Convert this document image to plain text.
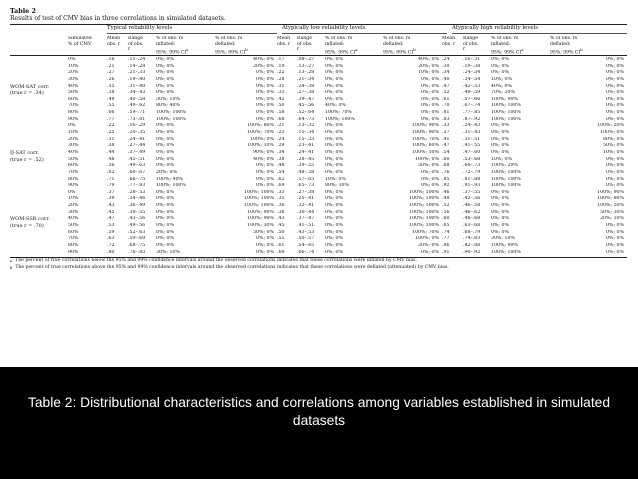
Table 2
Results of test of CMV bias in three correlations in simulated datasets.
Typical reliability levels	Atypically low reliability levels	Atypically high reliability levels
	Simulated
% of CMV	Mean
obs. r	Range
of obs.
r	% of obs. rs
inflated:
95%; 99% $CI^a$	% of obs. rs
deflated:
95%; 99% $CI^b$	Mean
obs. r	Range
of obs.
r	% of obs. rs
inflated:
95%; 99% $CI^a$	% of obs. rs
deflated:
95%; 99% $CI^b$	Mean
obs. r	Range
of obs.
r	% of obs. rs
inflated:
95%; 99% $CI^a$	% of obs. rs
deflated:
95%; 99% $CI^b$
	0%	.16	.11–.24	0%; 0%	40%; 0%	.17	.08–.27	0%; 0%	40%; 0%	.24	.16–.31	0%; 0%	0%; 0%
	10%	.21	.14–.28	0%; 0%	20%; 0%	.19	.13–.27	0%; 0%	20%; 0%	.30	.19–.38	0%; 0%	0%; 0%
	20%	.27	.21–.33	0%; 0%	0%; 0%	.22	.13–.28	0%; 0%	10%; 0%	.34	.24–.34	0%; 0%	0%; 0%
	30%	.26	.19–.40	0%; 0%	0%; 0%	.28	.21–.34	0%; 0%	0%; 0%	.40	.34–.54	10%; 0%	0%; 0%
WOM-SAT corr.	40%	.35	.31–.40	0%; 0%	0%; 0%	.31	.24–.38	0%; 0%	0%; 0%	.47	.42–.53	40%; 0%	0%; 0%
(true r = .34)	50%	.38	.34–.43	0%; 0%	0%; 0%	.33	.27–.38	0%; 0%	0%; 0%	.52	.49–.59	70%; 20%	0%; 0%
	60%	.49	.40–.58	30%; 10%	0%; 0%	.42	.39–.47	0%; 0%	0%; 0%	.61	.57–.66	100%; 90%	0%; 0%
	70%	.55	.49–.62	80%; 40%	0%; 0%	.50	.45–.56	40%; 0%	0%; 0%	.70	.67–.74	100%; 100%	0%; 0%
	80%	.66	.59–.71	100%; 100%	0%; 0%	.58	.52–.64	100%; 70%	0%; 0%	.81	.77–.85	100%; 100%	0%; 0%
	90%	.77	.73–.81	100%; 100%	0%; 0%	.68	.64–.73	100%; 100%	0%; 0%	.83	.87–.92	100%; 100%	0%; 0%
	0%	.22	.16–.29	0%; 0%	100%; 80%	.21	.13–.32	0%; 0%	100%; 90%	.33	.24–.43	0%; 0%	100%; 20%
	10%	.25	.20–.35	0%; 0%	100%; 70%	.23	.15–.34	0%; 0%	100%; 90%	.37	.31–.43	0%; 0%	100%; 0%
	20%	.31	.24–.41	0%; 0%	100%; 0%	.24	.15–.33	0%; 0%	100%; 70%	.41	.31–.51	0%; 0%	80%; 0%
	30%	.38	.27–.44	0%; 0%	100%; 10%	.29	.23–.41	0%; 0%	100%; 60%	.47	.41–.55	0%; 0%	50%; 0%
IJ-SAT corr.	40%	.44	.37–.49	0%; 0%	90%; 0%	.34	.24–.41	0%; 0%	100%; 10%	.54	.47–.60	0%; 0%	10%; 0%
(true r = .52)	50%	.48	.45–.51	0%; 0%	40%; 0%	.38	.28–.45	0%; 0%	100%; 0%	.60	.53–.68	10%; 0%	0%; 0%
	60%	.56	.49–.63	0%; 0%	0%; 0%	.48	.39–.55	0%; 0%	50%; 0%	.68	.66–.73	100%; 20%	0%; 0%
	70%	.62	.60–.67	20%; 0%	0%; 0%	.54	.48–.58	0%; 0%	0%; 0%	.76	.72–.79	100%; 100%	0%; 0%
	80%	.71	.66–.75	100%; 40%	0%; 0%	.62	.57–.65	10%; 0%	0%; 0%	.85	.81–.88	100%; 100%	0%; 0%
	90%	.79	.77–.83	100%; 100%	0%; 0%	.69	.65–.73	80%; 30%	0%; 0%	.92	.91–.93	100%; 100%	0%; 0%
	0%	.37	.28–.53	0%; 0%	100%; 100%	.33	.27–.38	0%; 0%	100%; 100%	.46	.37–.55	0%; 0%	100%; 90%
	10%	.39	.34–.46	0%; 0%	100%; 100%	.35	.25–.41	0%; 0%	100%; 100%	.48	.42–.56	0%; 0%	100%; 80%
	20%	.43	.36–.49	0%; 0%	100%; 100%	.36	.32–.41	0%; 0%	100%; 100%	.52	.46–.58	0%; 0%	100%; 50%
	30%	.45	.39–.55	0%; 0%	100%; 90%	.38	.30–.44	0%; 0%	100%; 100%	.56	.46–.62	0%; 0%	50%; 30%
WOM-SSR corr.	40%	.47	.43–.56	0%; 0%	100%; 90%	.43	.37–.47	0%; 0%	100%; 100%	.60	.46–.68	0%; 0%	20%; 10%
(true r = .70)	50%	.53	.49–.56	0%; 0%	100%; 30%	.45	.41–.51	0%; 0%	100%; 100%	.65	.63–.68	0%; 0%	0%; 0%
	60%	.59	.52–.63	0%; 0%	50%; 0%	.50	.43–.53	0%; 0%	100%; 70%	.74	.68–.79	0%; 0%	0%; 0%
	70%	.63	.59–.69	0%; 0%	0%; 0%	.55	.50–.57	0%; 0%	100%; 0%	.77	.74–.83	30%; 10%	0%; 0%
	80%	.72	.68–.75	0%; 0%	0%; 0%	.61	.54–.65	0%; 0%	20%; 0%	.86	.82–.88	100%; 90%	0%; 0%
	90%	.80	.76–.83	30%; 10%	0%; 0%	.69	.66–.74	0%; 0%	0%; 0%	.91	.90–.92	100%; 100%	0%; 0%
$^a$ The percent of true correlations below the 95% and 99% confidence intervals around the observed correlations indicates that these correlations were inflated by CMV bias.
$^b$ The percent of true correlations above the 95% and 99% confidence intervals around the observed correlations indicates that these correlations were deflated (attenuated) by CMV bias.
Table 2: Distributional characteristics and correlations among variables established in simulated datasets
